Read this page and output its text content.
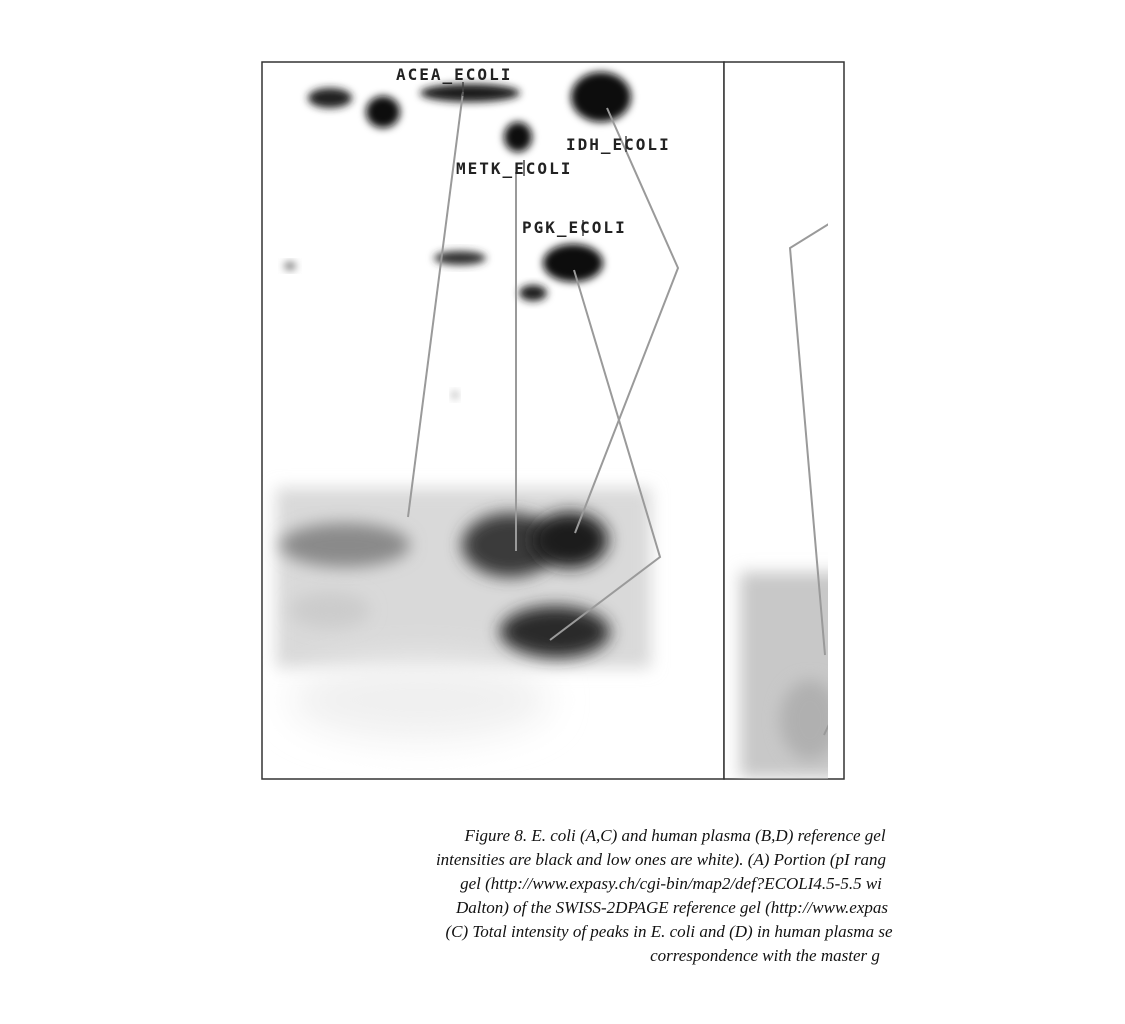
ACEA_ECOLI
IDH_ECOLI
METK_ECOLI
PGK_ECOLI
Figure 8. E. coli (A,C) and human plasma (B,D) reference gel
intensities are black and low ones are white). (A) Portion (pI rang
gel (http://www.expasy.ch/cgi-bin/map2/def?ECOLI4.5-5.5 wi
Dalton) of the SWISS-2DPAGE reference gel (http://www.expas
(C) Total intensity of peaks in E. coli and (D) in human plasma se
correspondence with the master g
